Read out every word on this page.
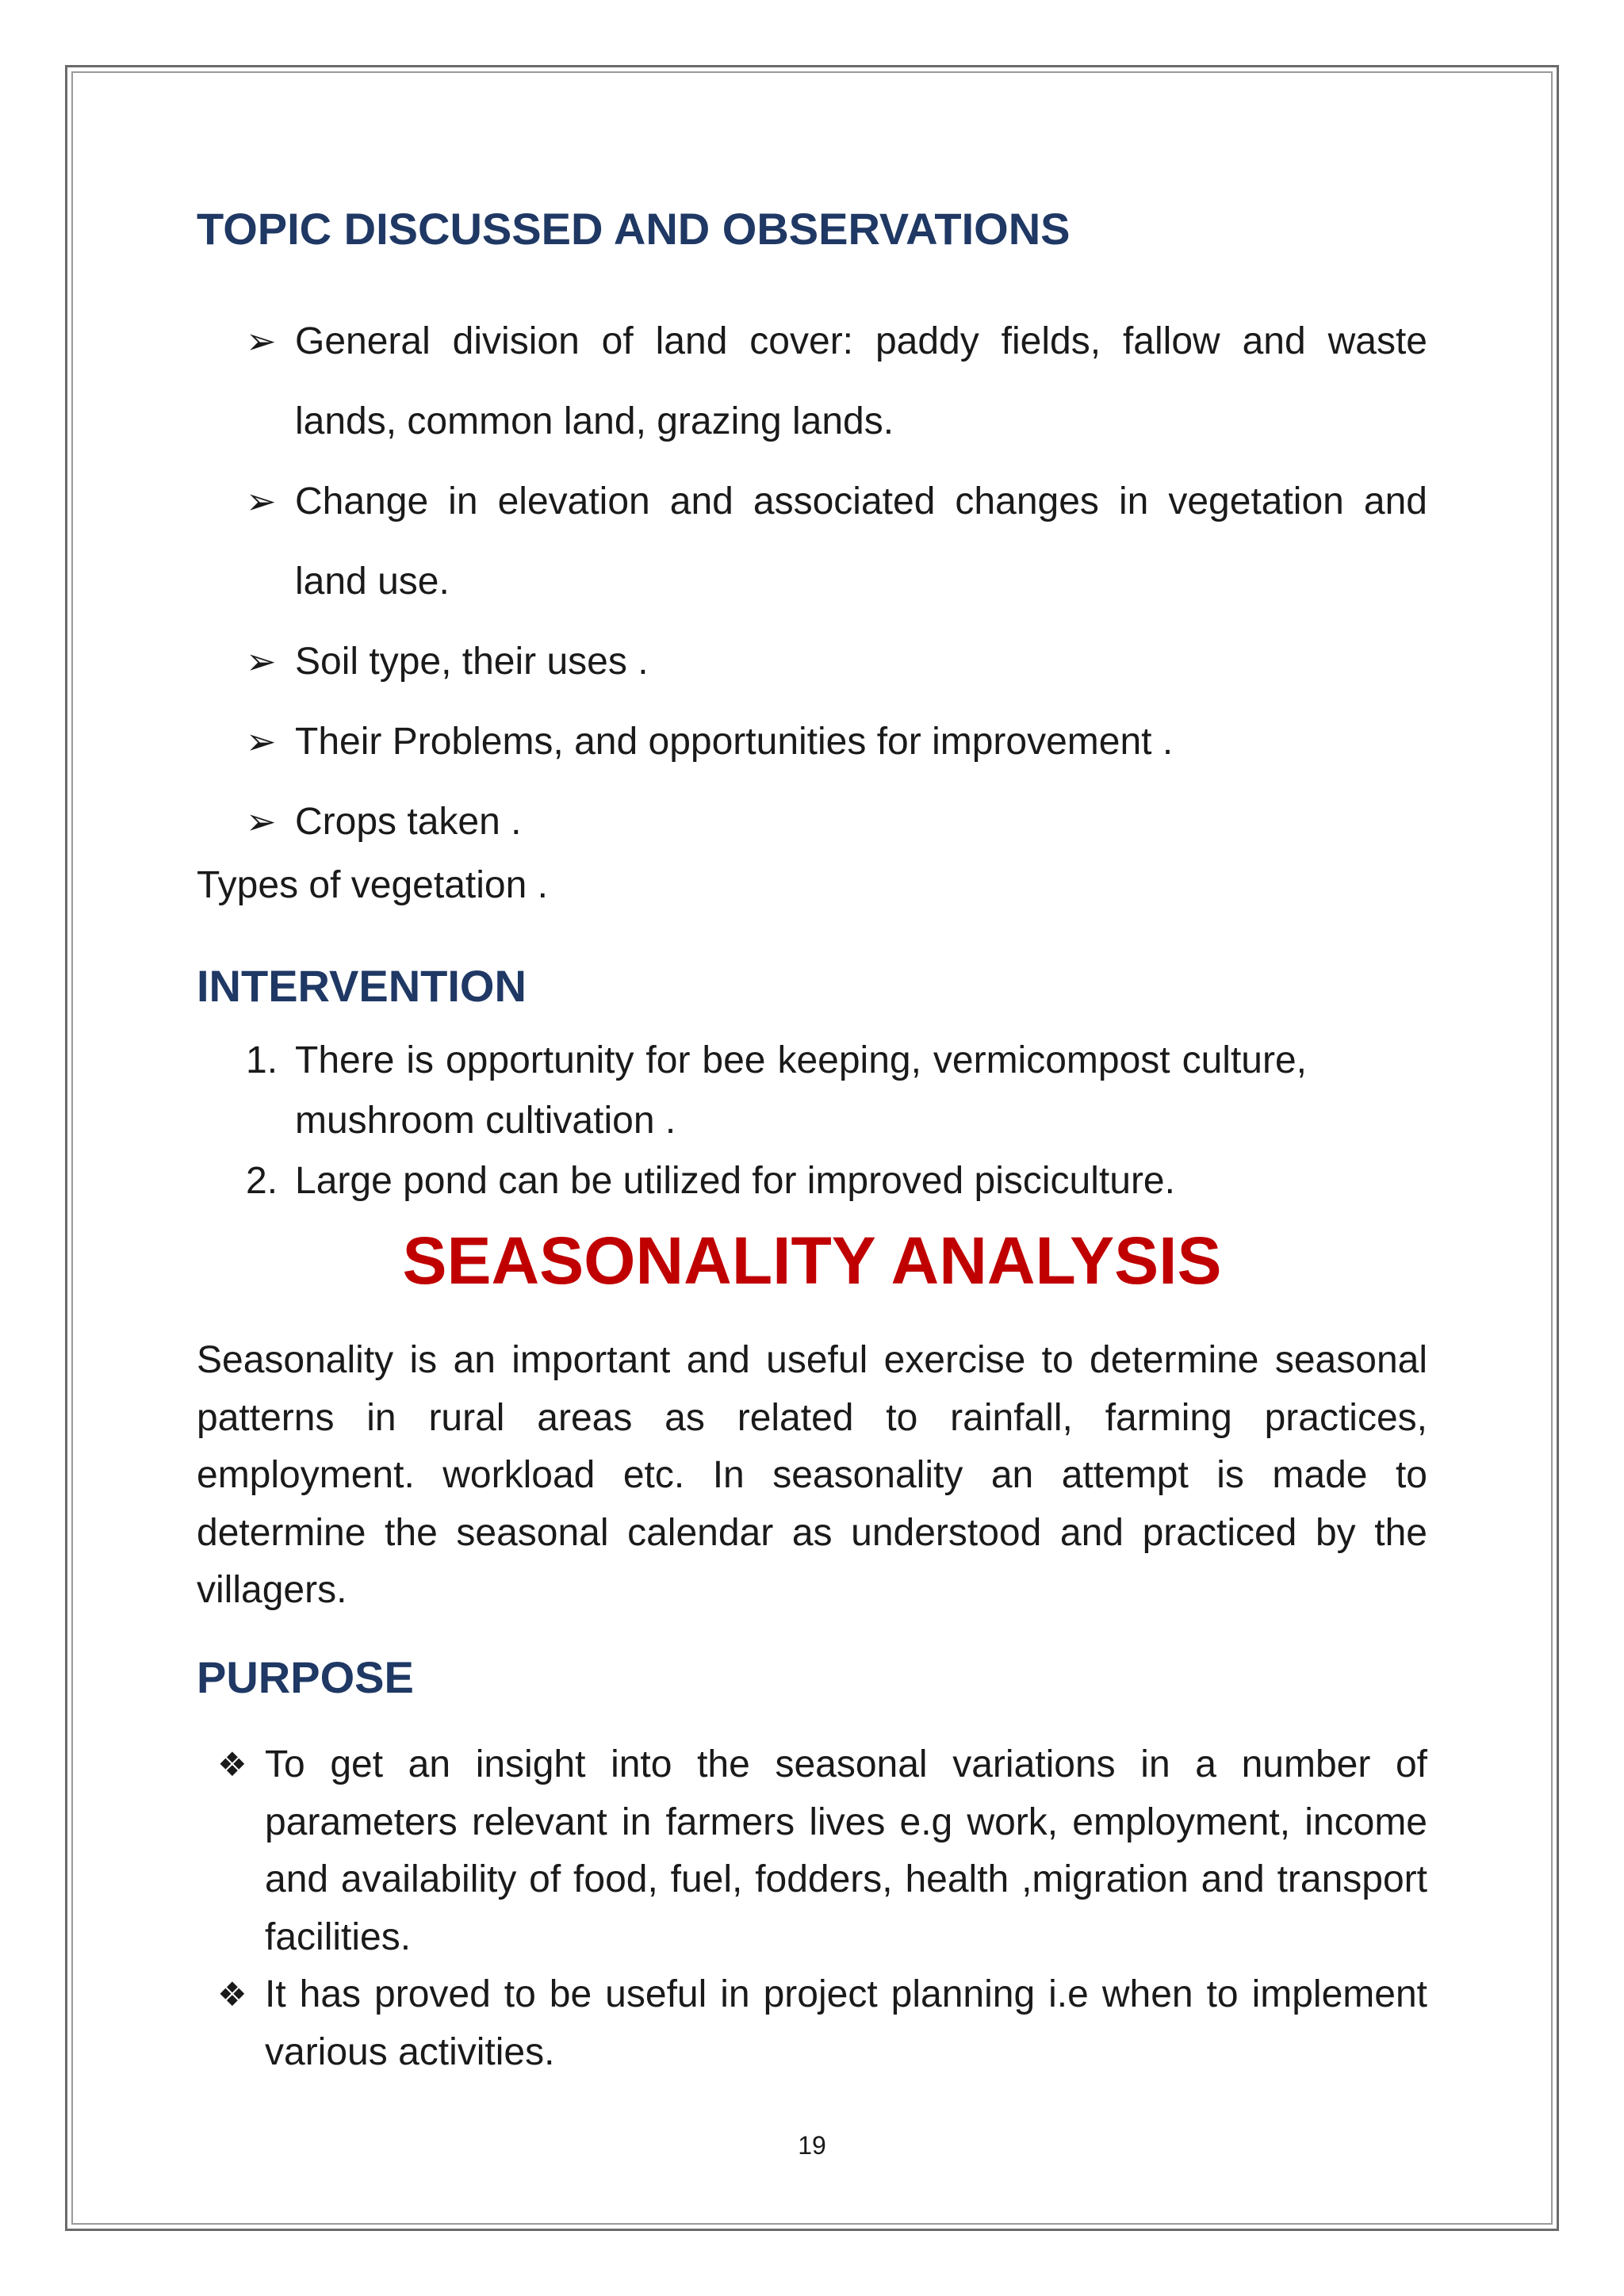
TOPIC DISCUSSED AND OBSERVATIONS
➢ General division of land cover: paddy fields, fallow and waste lands, common land, grazing lands.
➢ Change in elevation and associated changes in vegetation and land use.
➢ Soil type, their uses .
➢ Their Problems, and opportunities for improvement .
➢ Crops taken .
Types of vegetation .
INTERVENTION
1. There is opportunity for bee keeping, vermicompost culture, mushroom cultivation .
2. Large pond can be utilized for improved pisciculture.
SEASONALITY ANALYSIS

Seasonality is an important and useful exercise to determine seasonal patterns in rural areas as related to rainfall, farming practices, employment. workload etc. In seasonality an attempt is made to determine the seasonal calendar as understood and practiced by the villagers.

PURPOSE
❖ To get an insight into the seasonal variations in a number of parameters relevant in farmers lives e.g work, employment, income and availability of food, fuel, fodders, health ,migration and transport facilities.
❖ It has proved to be useful in project planning i.e when to implement various activities.
19
